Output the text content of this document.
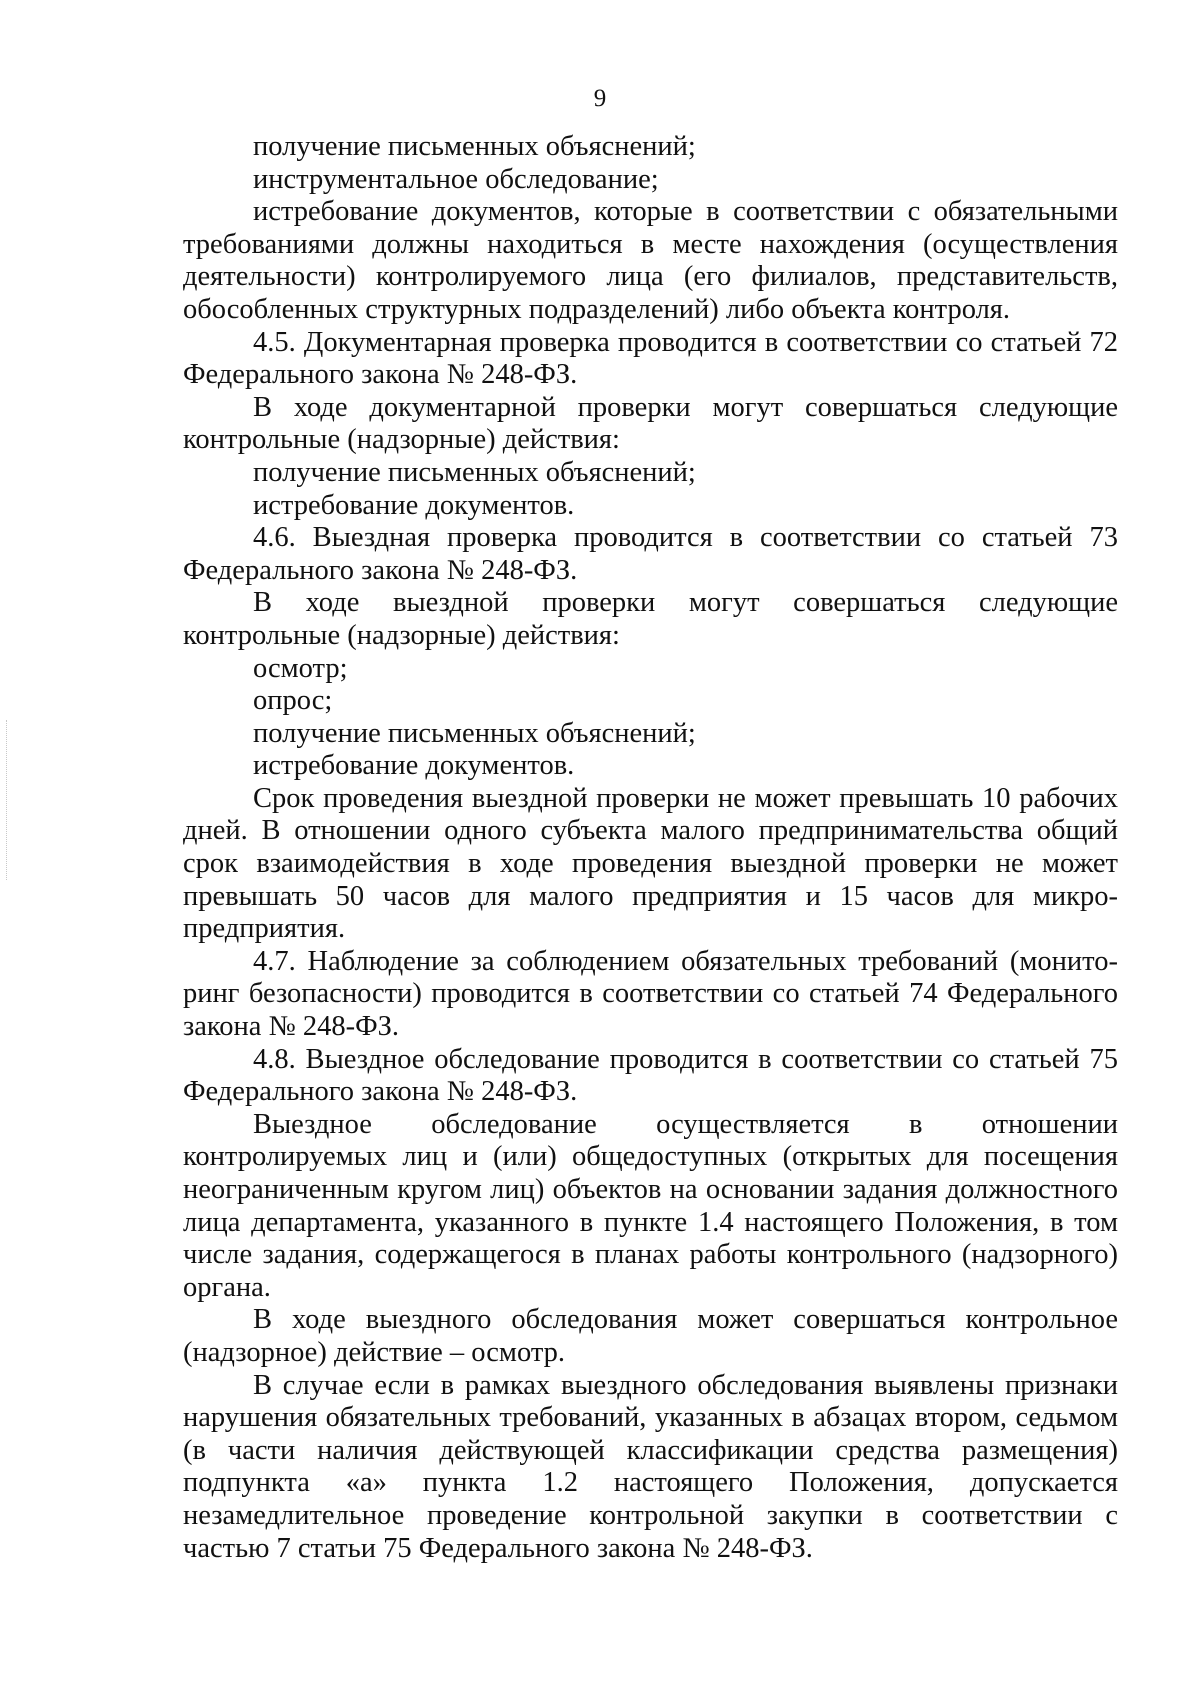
9

получение письменных объяснений;

инструментальное обследование;

истребование документов, которые в соответствии с обязательными требованиями должны находиться в месте нахождения (осуществления деятельности) контролируемого лица (его филиалов, представительств, обособленных структурных подразделений) либо объекта контроля.

4.5. Документарная проверка проводится в соответствии со статьей 72 Федерального закона № 248-ФЗ.

В ходе документарной проверки могут совершаться следующие контрольные (надзорные) действия:

получение письменных объяснений;

истребование документов.

4.6. Выездная проверка проводится в соответствии со статьей 73 Федерального закона № 248-ФЗ.

В ходе выездной проверки могут совершаться следующие контрольные (надзорные) действия:

осмотр;

опрос;

получение письменных объяснений;

истребование документов.

Срок проведения выездной проверки не может превышать 10 рабочих дней. В отношении одного субъекта малого предпринимательства общий срок взаимодействия в ходе проведения выездной проверки не может превышать 50 часов для малого предприятия и 15 часов для микро-предприятия.

4.7. Наблюдение за соблюдением обязательных требований (монито-ринг безопасности) проводится в соответствии со статьей 74 Федерального закона № 248-ФЗ.

4.8. Выездное обследование проводится в соответствии со статьей 75 Федерального закона № 248-ФЗ.

Выездное обследование осуществляется в отношении контролируемых лиц и (или) общедоступных (открытых для посещения неограниченным кругом лиц) объектов на основании задания должностного лица департамента, указанного в пункте 1.4 настоящего Положения, в том числе задания, содержащегося в планах работы контрольного (надзорного) органа.

В ходе выездного обследования может совершаться контрольное (надзорное) действие – осмотр.

В случае если в рамках выездного обследования выявлены признаки нарушения обязательных требований, указанных в абзацах втором, седьмом (в части наличия действующей классификации средства размещения) подпункта «а» пункта 1.2 настоящего Положения, допускается незамедлительное проведение контрольной закупки в соответствии с частью 7 статьи 75 Федерального закона № 248-ФЗ.
